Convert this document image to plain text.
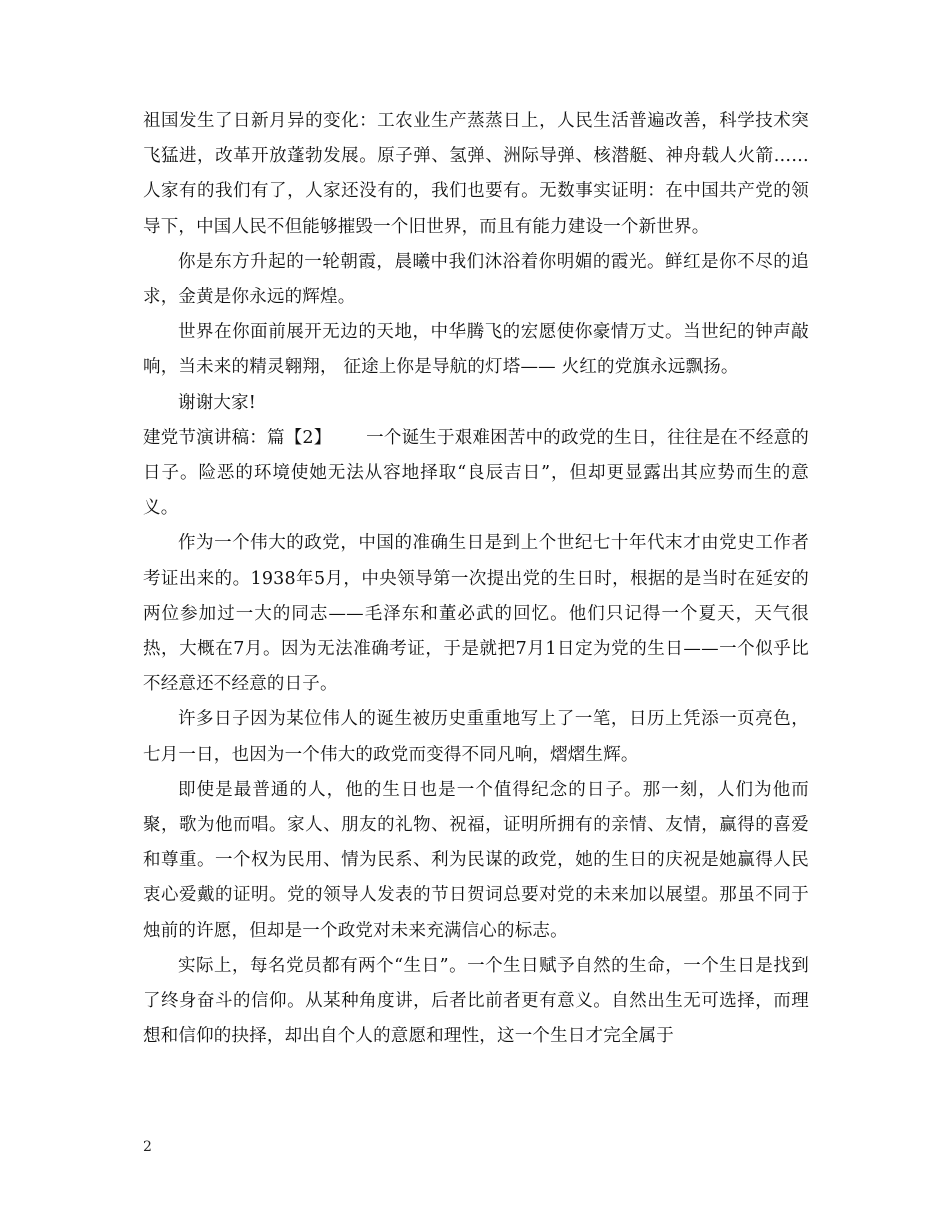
祖国发生了日新月异的变化：工农业生产蒸蒸日上，人民生活普遍改善，科学技术突飞猛进，改革开放蓬勃发展。原子弹、氢弹、洲际导弹、核潜艇、神舟载人火箭……人家有的我们有了，人家还没有的，我们也要有。无数事实证明：在中国共产党的领导下，中国人民不但能够摧毁一个旧世界，而且有能力建设一个新世界。

你是东方升起的一轮朝霞，晨曦中我们沐浴着你明媚的霞光。鲜红是你不尽的追求，金黄是你永远的辉煌。

世界在你面前展开无边的天地，中华腾飞的宏愿使你豪情万丈。当世纪的钟声敲响，当未来的精灵翱翔， 征途上你是导航的灯塔—— 火红的党旗永远飘扬。

谢谢大家!

建党节演讲稿：篇【2】      一个诞生于艰难困苦中的政党的生日，往往是在不经意的日子。险恶的环境使她无法从容地择取“良辰吉日”，但却更显露出其应势而生的意义。

作为一个伟大的政党，中国的准确生日是到上个世纪七十年代末才由党史工作者考证出来的。1938年5月，中央领导第一次提出党的生日时，根据的是当时在延安的两位参加过一大的同志——毛泽东和董必武的回忆。他们只记得一个夏天，天气很热，大概在7月。因为无法准确考证，于是就把7月1日定为党的生日——一个似乎比不经意还不经意的日子。

许多日子因为某位伟人的诞生被历史重重地写上了一笔，日历上凭添一页亮色，七月一日，也因为一个伟大的政党而变得不同凡响，熠熠生辉。

即使是最普通的人，他的生日也是一个值得纪念的日子。那一刻，人们为他而聚，歌为他而唱。家人、朋友的礼物、祝福，证明所拥有的亲情、友情，赢得的喜爱和尊重。一个权为民用、情为民系、利为民谋的政党，她的生日的庆祝是她赢得人民衷心爱戴的证明。党的领导人发表的节日贺词总要对党的未来加以展望。那虽不同于烛前的许愿，但却是一个政党对未来充满信心的标志。

实际上，每名党员都有两个“生日”。一个生日赋予自然的生命，一个生日是找到了终身奋斗的信仰。从某种角度讲，后者比前者更有意义。自然出生无可选择，而理想和信仰的抉择，却出自个人的意愿和理性，这一个生日才完全属于

2
